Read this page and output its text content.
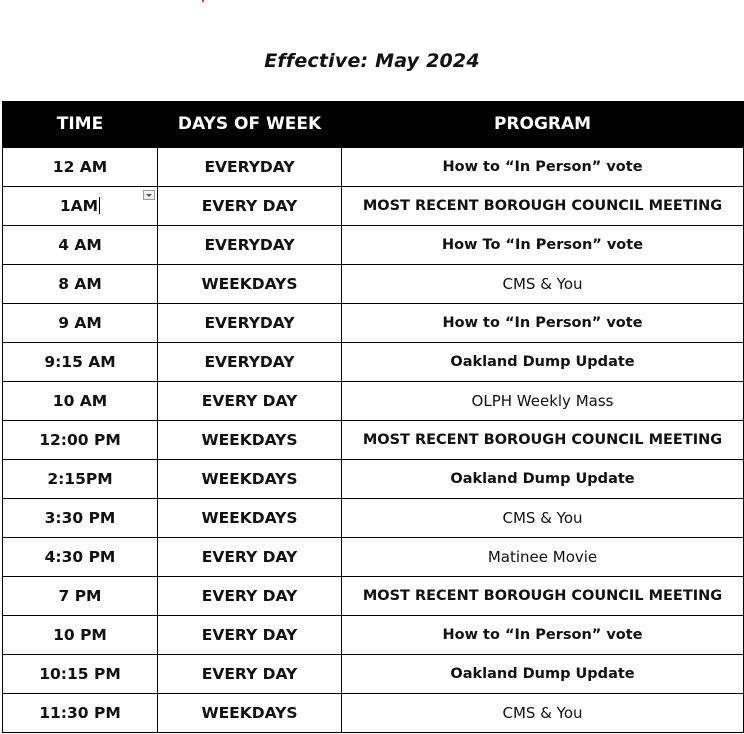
Effective: May 2024
TIME	DAYS OF WEEK	PROGRAM
12 AM	EVERYDAY	How to “In Person” vote
1AM	EVERY DAY	MOST RECENT BOROUGH COUNCIL MEETING
4 AM	EVERYDAY	How To “In Person” vote
8 AM	WEEKDAYS	CMS & You
9 AM	EVERYDAY	How to “In Person” vote
9:15 AM	EVERYDAY	Oakland Dump Update
10 AM	EVERY DAY	OLPH Weekly Mass
12:00 PM	WEEKDAYS	MOST RECENT BOROUGH COUNCIL MEETING
2:15PM	WEEKDAYS	Oakland Dump Update
3:30 PM	WEEKDAYS	CMS & You
4:30 PM	EVERY DAY	Matinee Movie
7 PM	EVERY DAY	MOST RECENT BOROUGH COUNCIL MEETING
10 PM	EVERY DAY	How to “In Person” vote
10:15 PM	EVERY DAY	Oakland Dump Update
11:30 PM	WEEKDAYS	CMS & You
